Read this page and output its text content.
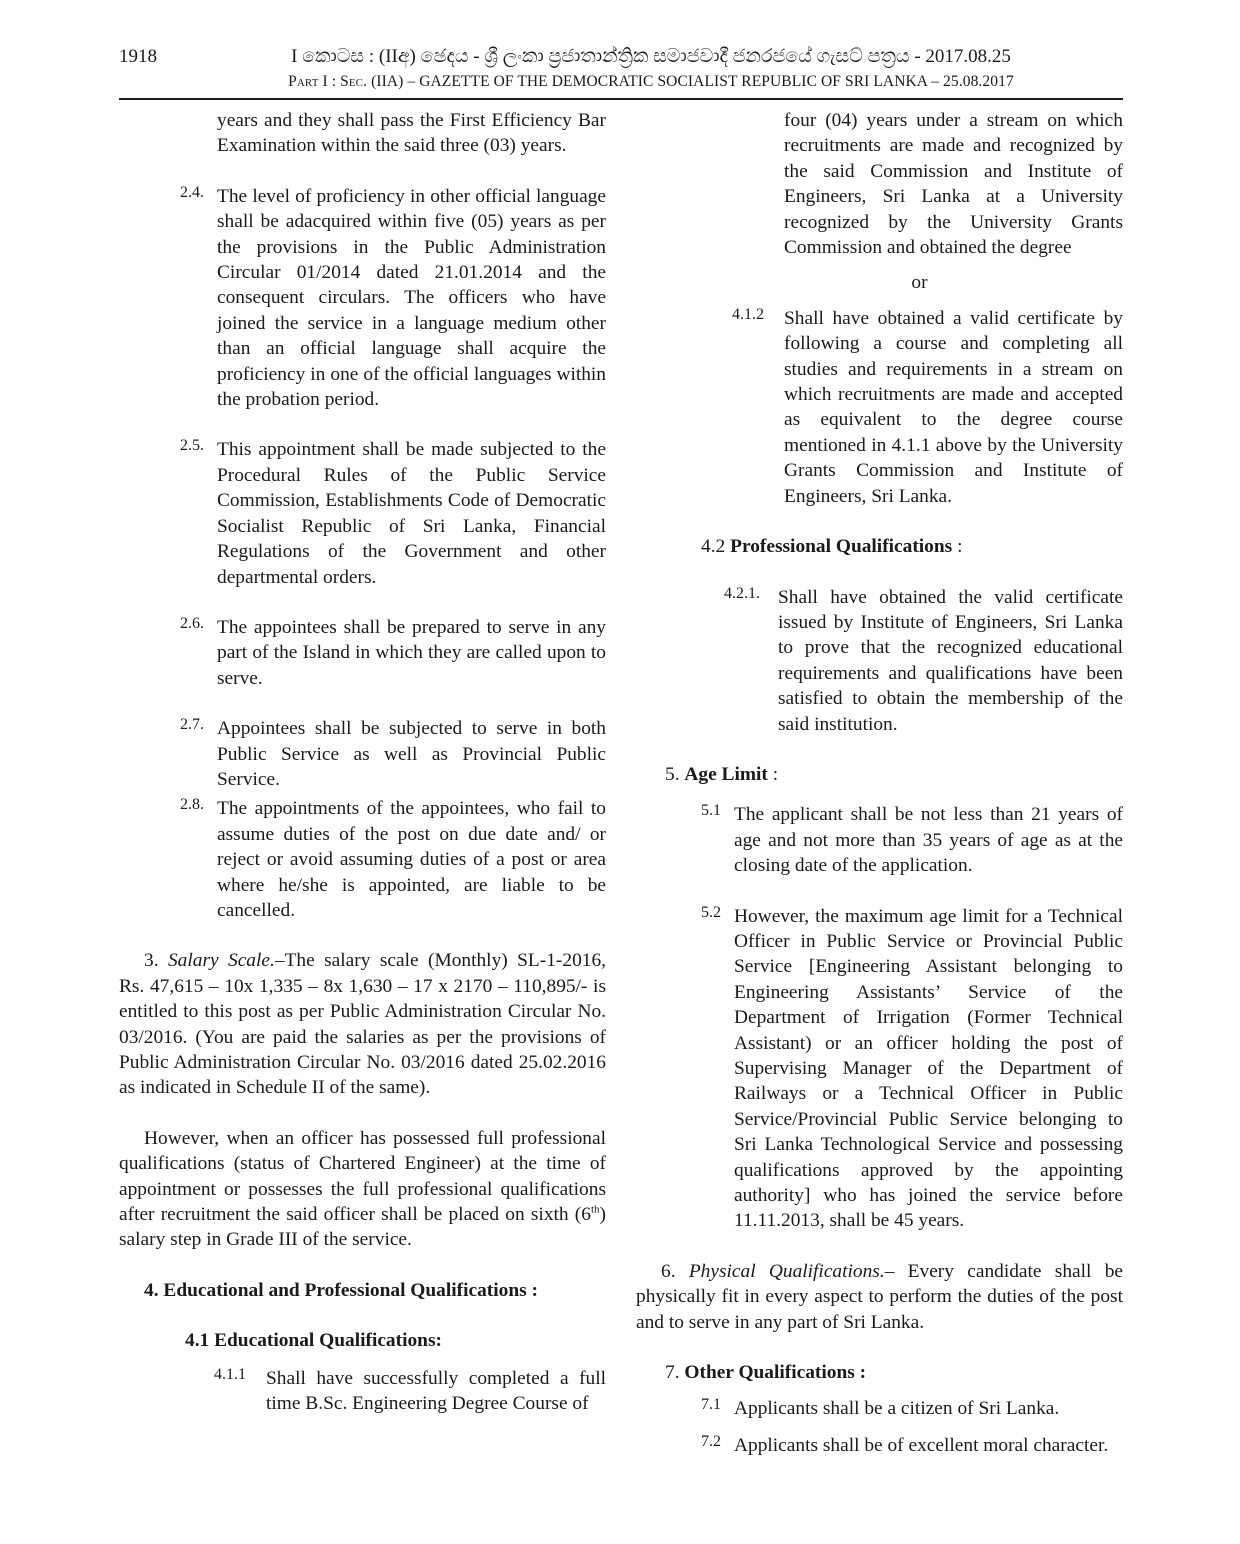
1918	I කොටස : (IIඅ) ඡෙදය - ශ්‍රී ලංකා ප්‍රජාතාන්ත්‍රික සමාජවාදී ජනරජයේ ගැසට් පත්‍රය - 2017.08.25
Part I : Sec. (IIA) – GAZETTE OF THE DEMOCRATIC SOCIALIST REPUBLIC OF SRI LANKA – 25.08.2017

years and they shall pass the First Efficiency Bar Examination within the said three (03) years.

2.4. The level of proficiency in other official language shall be adacquired within five (05) years as per the provisions in the Public Administration Circular 01/2014 dated 21.01.2014 and the consequent circulars. The officers who have joined the service in a language medium other than an official language shall acquire the proficiency in one of the official languages within the probation period.

2.5. This appointment shall be made subjected to the Procedural Rules of the Public Service Commission, Establishments Code of Democratic Socialist Republic of Sri Lanka, Financial Regulations of the Government and other departmental orders.

2.6. The appointees shall be prepared to serve in any part of the Island in which they are called upon to serve.

2.7. Appointees shall be subjected to serve in both Public Service as well as Provincial Public Service.

2.8. The appointments of the appointees, who fail to assume duties of the post on due date and/ or reject or avoid assuming duties of a post or area where he/she is appointed, are liable to be cancelled.

3. Salary Scale.–The salary scale (Monthly) SL-1-2016, Rs. 47,615 – 10x 1,335 – 8x 1,630 – 17 x 2170 – 110,895/- is entitled to this post as per Public Administration Circular No. 03/2016. (You are paid the salaries as per the provisions of Public Administration Circular No. 03/2016 dated 25.02.2016 as indicated in Schedule II of the same).

However, when an officer has possessed full professional qualifications (status of Chartered Engineer) at the time of appointment or possesses the full professional qualifications after recruitment the said officer shall be placed on sixth (6th) salary step in Grade III of the service.

4. Educational and Professional Qualifications :
4.1 Educational Qualifications:
4.1.1	Shall have successfully completed a full time B.Sc. Engineering Degree Course of

four (04) years under a stream on which recruitments are made and recognized by the said Commission and Institute of Engineers, Sri Lanka at a University recognized by the University Grants Commission and obtained the degree

or

4.1.2	Shall have obtained a valid certificate by following a course and completing all studies and requirements in a stream on which recruitments are made and accepted as equivalent to the degree course mentioned in 4.1.1 above by the University Grants Commission and Institute of Engineers, Sri Lanka.

4.2 Professional Qualifications :
4.2.1. Shall have obtained the valid certificate issued by Institute of Engineers, Sri Lanka to prove that the recognized educational requirements and qualifications have been satisfied to obtain the membership of the said institution.

5. Age Limit :
5.1 The applicant shall be not less than 21 years of age and not more than 35 years of age as at the closing date of the application.

5.2 However, the maximum age limit for a Technical Officer in Public Service or Provincial Public Service [Engineering Assistant belonging to Engineering Assistants’ Service of the Department of Irrigation (Former Technical Assistant) or an officer holding the post of Supervising Manager of the Department of Railways or a Technical Officer in Public Service/Provincial Public Service belonging to Sri Lanka Technological Service and possessing qualifications approved by the appointing authority] who has joined the service before 11.11.2013, shall be 45 years.

6. Physical Qualifications.– Every candidate shall be physically fit in every aspect to perform the duties of the post and to serve in any part of Sri Lanka.

7. Other Qualifications :
7.1 Applicants shall be a citizen of Sri Lanka.

7.2 Applicants shall be of excellent moral character.
